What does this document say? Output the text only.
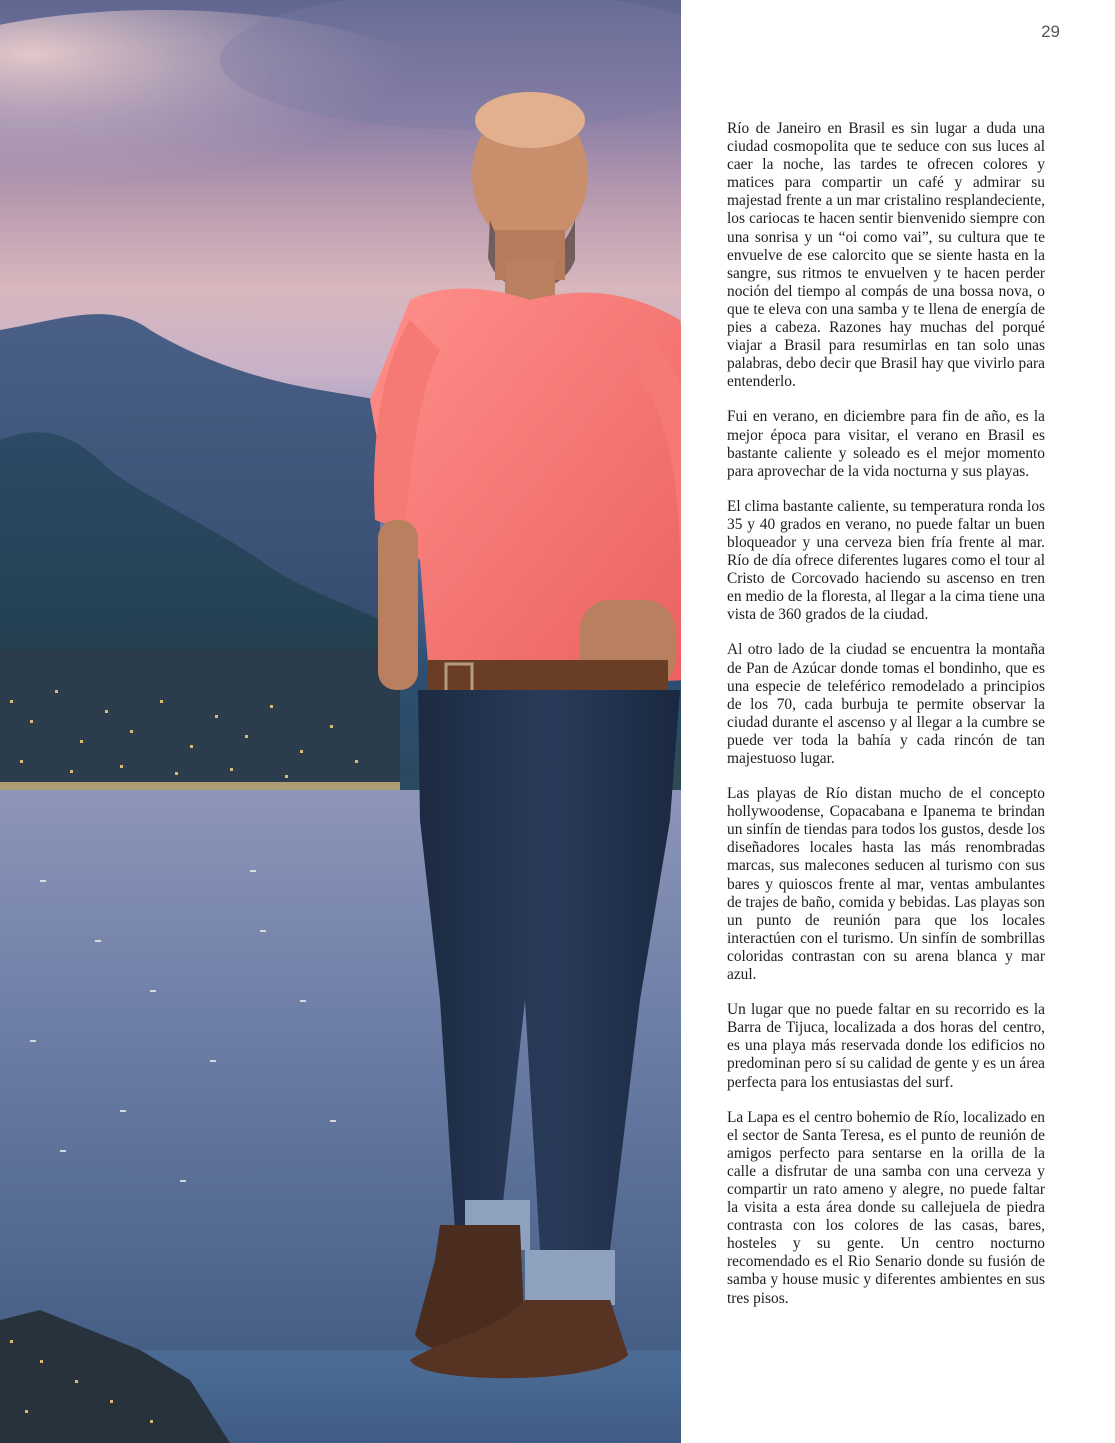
29

Río de Janeiro en Brasil es sin lugar a duda una ciudad cosmopolita que te seduce con sus luces al caer la noche, las tardes te ofrecen colores y matices para compartir un café y admirar su majestad frente a un mar cristalino resplandeciente, los cariocas te hacen sentir bienvenido siempre con una sonrisa y un “oi como vai”, su cultura que te envuelve de ese calorcito que se siente hasta en la sangre, sus ritmos te envuelven y te hacen perder noción del tiempo al compás de una bossa nova, o que te eleva con una samba y te llena de energía de pies a cabeza. Razones hay muchas del porqué viajar a Brasil para resumirlas en tan solo unas palabras, debo decir que Brasil hay que vivirlo para entenderlo.

Fui en verano, en diciembre para fin de año, es la mejor época para visitar, el verano en Brasil es bastante caliente y soleado es el mejor momento para aprovechar de la vida nocturna y sus playas.

El clima bastante caliente, su temperatura ronda los 35 y 40 grados en verano, no puede faltar un buen bloqueador y una cerveza bien fría frente al mar. Río de día ofrece diferentes lugares como el tour al Cristo de Corcovado haciendo su ascenso en tren en medio de la floresta, al llegar a la cima tiene una vista de 360 grados de la ciudad.

Al otro lado de la ciudad se encuentra la montaña de Pan de Azúcar donde tomas el bondinho, que es una especie de teleférico remodelado a principios de los 70, cada burbuja te permite observar la ciudad durante el ascenso y al llegar a la cumbre se puede ver toda la bahía y cada rincón de tan majestuoso lugar.

Las playas de Río distan mucho de el concepto hollywoodense, Copacabana e Ipanema te brindan un sinfín de tiendas para todos los gustos, desde los diseñadores locales hasta las más renombradas marcas, sus malecones seducen al turismo con sus bares y quioscos frente al mar, ventas ambulantes de trajes de baño, comida y bebidas. Las playas son un punto de reunión para que los locales interactúen con el turismo. Un sinfín de sombrillas coloridas contrastan con su arena blanca y mar azul.

Un lugar que no puede faltar en su recorrido es la Barra de Tijuca, localizada a dos horas del centro, es una playa más reservada donde los edificios no predominan pero sí su calidad de gente y es un área perfecta para los entusiastas del surf.

La Lapa es el centro bohemio de Río, localizado en el sector de Santa Teresa, es el punto de reunión de amigos perfecto para sentarse en la orilla de la calle a disfrutar de una samba con una cerveza y compartir un rato ameno y alegre, no puede faltar la visita a esta área donde su callejuela de piedra contrasta con los colores de las casas, bares, hosteles y su gente. Un centro nocturno recomendado es el Rio Senario donde su fusión de samba y house music y diferentes ambientes en sus tres pisos.
